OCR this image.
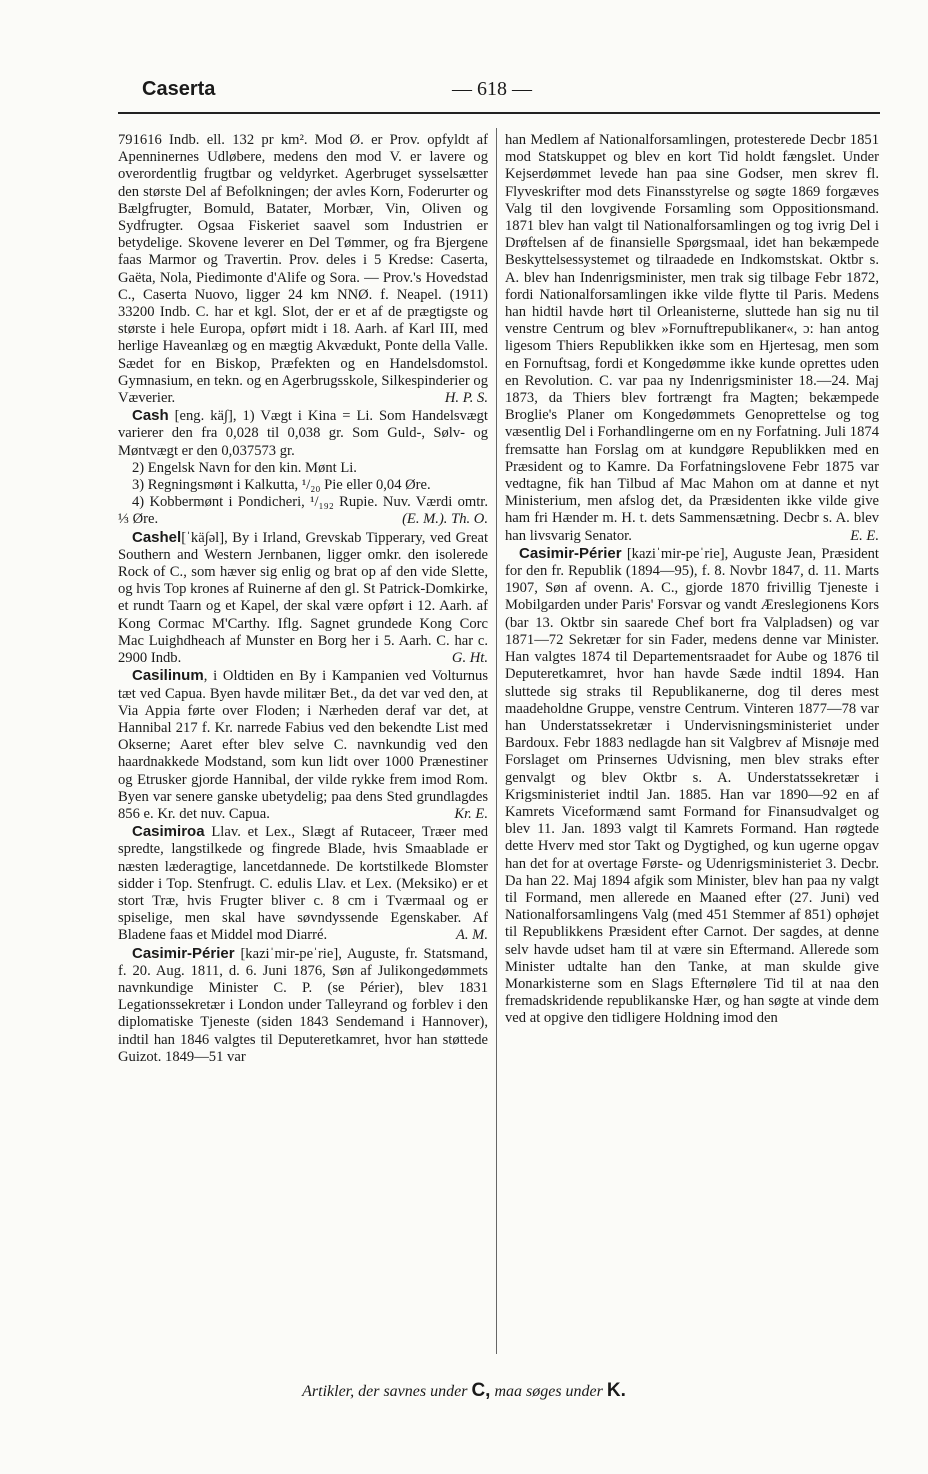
Caserta	— 618 —

791616 Indb. ell. 132 pr km². Mod Ø. er Prov. opfyldt af Apenninernes Udløbere, medens den mod V. er lavere og overordentlig frugtbar og veldyrket. Agerbruget sysselsætter den største Del af Befolkningen; der avles Korn, Foderurter og Bælgfrugter, Bomuld, Batater, Morbær, Vin, Oliven og Sydfrugter. Ogsaa Fiskeriet saavel som Industrien er betydelige. Skovene leverer en Del Tømmer, og fra Bjergene faas Marmor og Travertin. Prov. deles i 5 Kredse: Caserta, Gaëta, Nola, Piedimonte d'Alife og Sora. — Prov.'s Hovedstad C., Caserta Nuovo, ligger 24 km NNØ. f. Neapel. (1911) 33200 Indb. C. har et kgl. Slot, der er et af de prægtigste og største i hele Europa, opført midt i 18. Aarh. af Karl III, med herlige Haveanlæg og en mægtig Akvædukt, Ponte della Valle. Sædet for en Biskop, Præfekten og en Handelsdomstol. Gymnasium, en tekn. og en Agerbrugsskole, Silkespinderier og Væverier.	H. P. S.

Cash [eng. kä∫], 1) Vægt i Kina = Li. Som Handelsvægt varierer den fra 0,028 til 0,038 gr. Som Guld-, Sølv- og Møntvægt er den 0,037573 gr.

2) Engelsk Navn for den kin. Mønt Li.

3) Regningsmønt i Kalkutta, ¹/₂₀ Pie eller 0,04 Øre.

4) Kobbermønt i Pondicheri, ¹/₁₉₂ Rupie. Nuv. Værdi omtr. ⅓ Øre.	(E. M.). Th. O.

Cashel[ˈkä∫əl], By i Irland, Grevskab Tipperary, ved Great Southern and Western Jernbanen, ligger omkr. den isolerede Rock of C., som hæver sig enlig og brat op af den vide Slette, og hvis Top krones af Ruinerne af den gl. St Patrick-Domkirke, et rundt Taarn og et Kapel, der skal være opført i 12. Aarh. af Kong Cormac M'Carthy. Iflg. Sagnet grundede Kong Corc Mac Luighdheach af Munster en Borg her i 5. Aarh. C. har c. 2900 Indb.	G. Ht.

Casilinum, i Oldtiden en By i Kampanien ved Volturnus tæt ved Capua. Byen havde militær Bet., da det var ved den, at Via Appia førte over Floden; i Nærheden deraf var det, at Hannibal 217 f. Kr. narrede Fabius ved den bekendte List med Okserne; Aaret efter blev selve C. navnkundig ved den haardnakkede Modstand, som kun lidt over 1000 Prænestiner og Etrusker gjorde Hannibal, der vilde rykke frem imod Rom. Byen var senere ganske ubetydelig; paa dens Sted grundlagdes 856 e. Kr. det nuv. Capua.	Kr. E.

Casimiroa Llav. et Lex., Slægt af Rutaceer, Træer med spredte, langstilkede og fingrede Blade, hvis Smaablade er næsten læderagtige, lancetdannede. De kortstilkede Blomster sidder i Top. Stenfrugt. C. edulis Llav. et Lex. (Meksiko) er et stort Træ, hvis Frugter bliver c. 8 cm i Tværmaal og er spiselige, men skal have søvndyssende Egenskaber. Af Bladene faas et Middel mod Diarré.	A. M.

Casimir-Périer [kaziˈmir-peˈrie], Auguste, fr. Statsmand, f. 20. Aug. 1811, d. 6. Juni 1876, Søn af Julikongedømmets navnkundige Minister C. P. (se Périer), blev 1831 Legationssekretær i London under Talleyrand og forblev i den diplomatiske Tjeneste (siden 1843 Sendemand i Hannover), indtil han 1846 valgtes til Deputeretkamret, hvor han støttede Guizot. 1849—51 var

han Medlem af Nationalforsamlingen, protesterede Decbr 1851 mod Statskuppet og blev en kort Tid holdt fængslet. Under Kejserdømmet levede han paa sine Godser, men skrev fl. Flyveskrifter mod dets Finansstyrelse og søgte 1869 forgæves Valg til den lovgivende Forsamling som Oppositionsmand. 1871 blev han valgt til Nationalforsamlingen og tog ivrig Del i Drøftelsen af de finansielle Spørgsmaal, idet han bekæmpede Beskyttelsessystemet og tilraadede en Indkomstskat. Oktbr s. A. blev han Indenrigsminister, men trak sig tilbage Febr 1872, fordi Nationalforsamlingen ikke vilde flytte til Paris. Medens han hidtil havde hørt til Orleanisterne, sluttede han sig nu til venstre Centrum og blev »Fornuftrepublikaner«, ɔ: han antog ligesom Thiers Republikken ikke som en Hjertesag, men som en Fornuftsag, fordi et Kongedømme ikke kunde oprettes uden en Revolution. C. var paa ny Indenrigsminister 18.—24. Maj 1873, da Thiers blev fortrængt fra Magten; bekæmpede Broglie's Planer om Kongedømmets Genoprettelse og tog væsentlig Del i Forhandlingerne om en ny Forfatning. Juli 1874 fremsatte han Forslag om at kundgøre Republikken med en Præsident og to Kamre. Da Forfatningslovene Febr 1875 var vedtagne, fik han Tilbud af Mac Mahon om at danne et nyt Ministerium, men afslog det, da Præsidenten ikke vilde give ham fri Hænder m. H. t. dets Sammensætning. Decbr s. A. blev han livsvarig Senator.	E. E.

Casimir-Périer [kaziˈmir-peˈrie], Auguste Jean, Præsident for den fr. Republik (1894—95), f. 8. Novbr 1847, d. 11. Marts 1907, Søn af ovenn. A. C., gjorde 1870 frivillig Tjeneste i Mobilgarden under Paris' Forsvar og vandt Æreslegionens Kors (bar 13. Oktbr sin saarede Chef bort fra Valpladsen) og var 1871—72 Sekretær for sin Fader, medens denne var Minister. Han valgtes 1874 til Departementsraadet for Aube og 1876 til Deputeretkamret, hvor han havde Sæde indtil 1894. Han sluttede sig straks til Republikanerne, dog til deres mest maadeholdne Gruppe, venstre Centrum. Vinteren 1877—78 var han Understatssekretær i Undervisningsministeriet under Bardoux. Febr 1883 nedlagde han sit Valgbrev af Misnøje med Forslaget om Prinsernes Udvisning, men blev straks efter genvalgt og blev Oktbr s. A. Understatssekretær i Krigsministeriet indtil Jan. 1885. Han var 1890—92 en af Kamrets Viceformænd samt Formand for Finansudvalget og blev 11. Jan. 1893 valgt til Kamrets Formand. Han røgtede dette Hverv med stor Takt og Dygtighed, og kun ugerne opgav han det for at overtage Første- og Udenrigsministeriet 3. Decbr. Da han 22. Maj 1894 afgik som Minister, blev han paa ny valgt til Formand, men allerede en Maaned efter (27. Juni) ved Nationalforsamlingens Valg (med 451 Stemmer af 851) ophøjet til Republikkens Præsident efter Carnot. Der sagdes, at denne selv havde udset ham til at være sin Eftermand. Allerede som Minister udtalte han den Tanke, at man skulde give Monarkisterne som en Slags Efternølere Tid til at naa den fremadskridende republikanske Hær, og han søgte at vinde dem ved at opgive den tidligere Holdning imod den

Artikler, der savnes under C, maa søges under K.
